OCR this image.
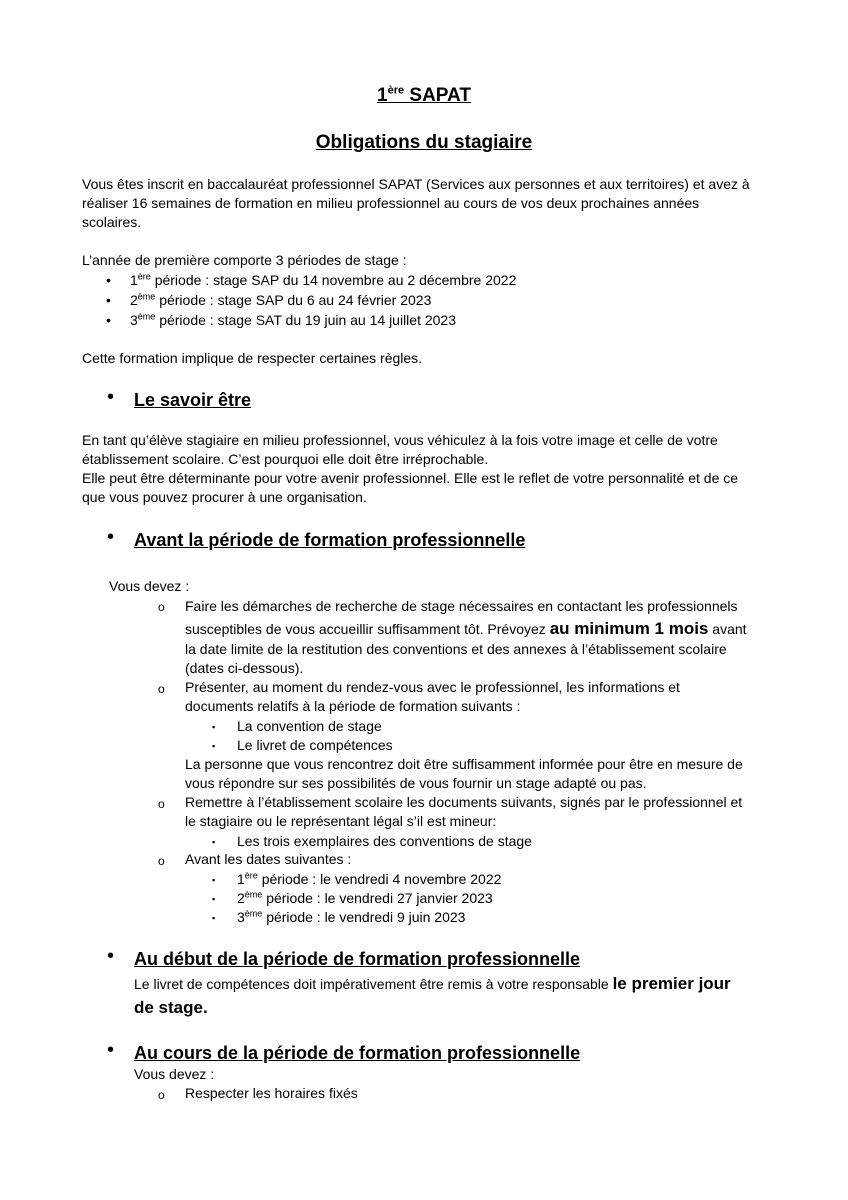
1ère SAPAT
Obligations du stagiaire
Vous êtes inscrit en baccalauréat professionnel SAPAT (Services aux personnes et aux territoires) et avez à
réaliser 16 semaines de formation en milieu professionnel au cours de vos deux prochaines années
scolaires.
L’année de première comporte 3 périodes de stage :
• 1ère période : stage SAP du 14 novembre au 2 décembre 2022
• 2ème période : stage SAP du 6 au 24 février 2023
• 3ème période : stage SAT du 19 juin au 14 juillet 2023
Cette formation implique de respecter certaines règles.
• Le savoir être
En tant qu’élève stagiaire en milieu professionnel, vous véhiculez à la fois votre image et celle de votre
établissement scolaire. C’est pourquoi elle doit être irréprochable.
Elle peut être déterminante pour votre avenir professionnel. Elle est le reflet de votre personnalité et de ce
que vous pouvez procurer à une organisation.
• Avant la période de formation professionnelle
Vous devez :
o Faire les démarches de recherche de stage nécessaires en contactant les professionnels
susceptibles de vous accueillir suffisamment tôt. Prévoyez au minimum 1 mois avant
la date limite de la restitution des conventions et des annexes à l’établissement scolaire
(dates ci-dessous).
o Présenter, au moment du rendez-vous avec le professionnel, les informations et
documents relatifs à la période de formation suivants :
▪ La convention de stage
▪ Le livret de compétences
La personne que vous rencontrez doit être suffisamment informée pour être en mesure de
vous répondre sur ses possibilités de vous fournir un stage adapté ou pas.
o Remettre à l’établissement scolaire les documents suivants, signés par le professionnel et
le stagiaire ou le représentant légal s’il est mineur:
▪ Les trois exemplaires des conventions de stage
o Avant les dates suivantes :
▪ 1ère période : le vendredi 4 novembre 2022
▪ 2ème période : le vendredi 27 janvier 2023
▪ 3ème période : le vendredi 9 juin 2023
• Au début de la période de formation professionnelle
Le livret de compétences doit impérativement être remis à votre responsable le premier jour
de stage.
• Au cours de la période de formation professionnelle
Vous devez :
o Respecter les horaires fixés
